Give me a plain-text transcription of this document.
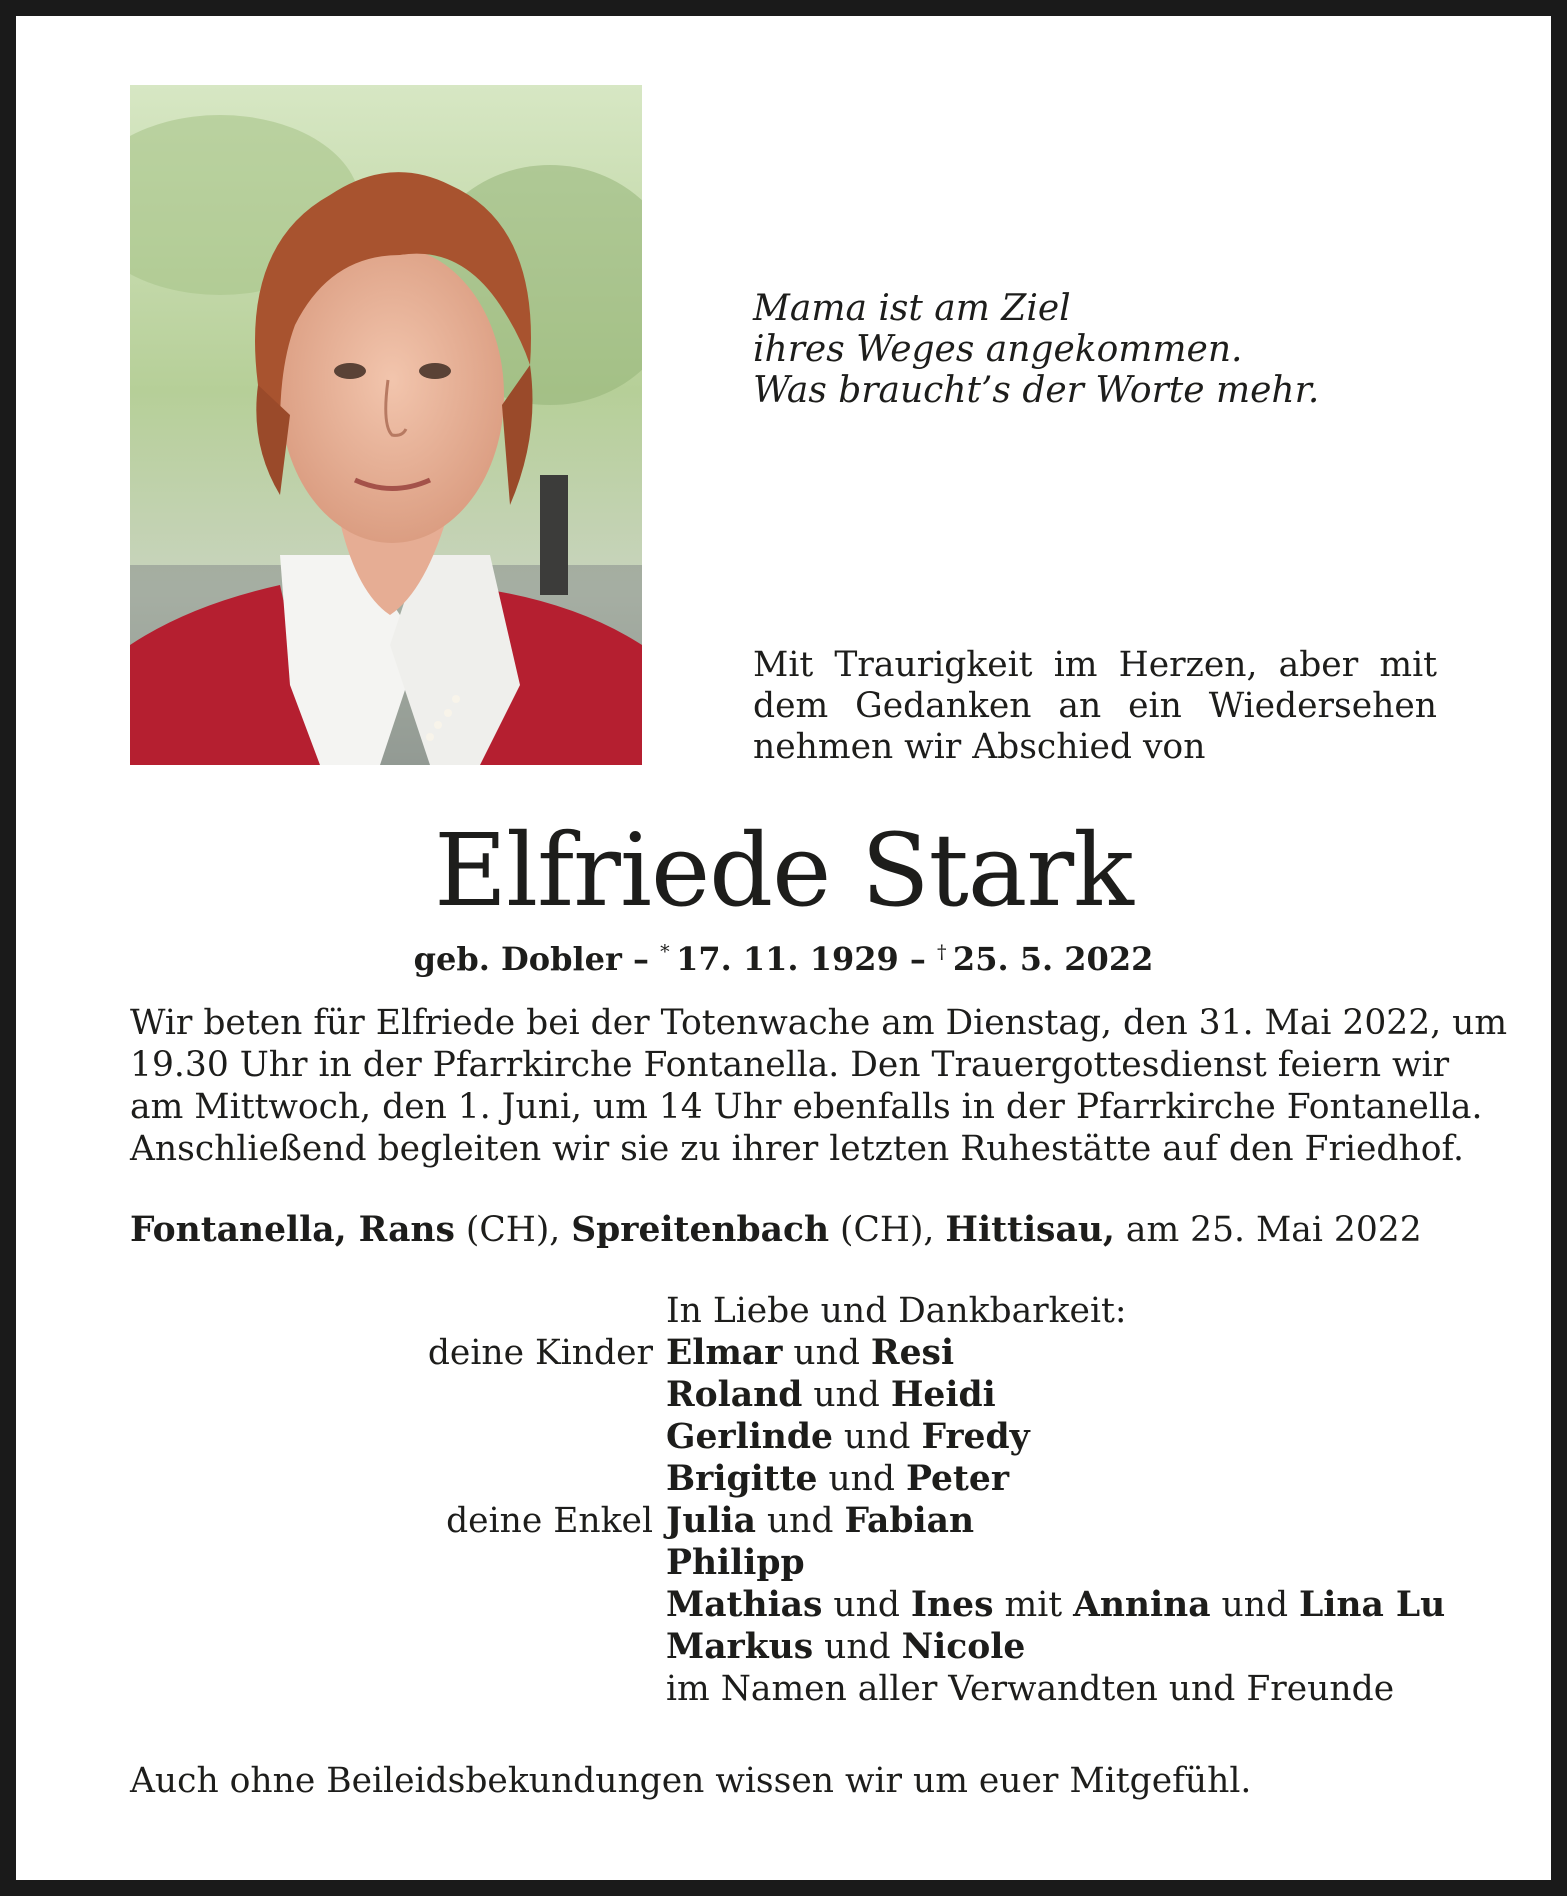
Mama ist am Ziel
ihres Weges angekommen.
Was braucht’s der Worte mehr.
Mit Traurigkeit im Herzen, aber mit
dem Gedanken an ein Wiedersehen
nehmen wir Abschied von
Elfriede Stark
geb. Dobler – *  17. 11. 1929 – †  25. 5. 2022
Wir beten für Elfriede bei der Totenwache am Dienstag, den 31. Mai 2022, um
19.30 Uhr in der Pfarrkirche Fontanella. Den Trauergottesdienst feiern wir
am Mittwoch, den 1. Juni, um 14 Uhr ebenfalls in der Pfarrkirche Fontanella.
Anschließend begleiten wir sie zu ihrer letzten Ruhestätte auf den Friedhof.
Fontanella, Rans (CH), Spreitenbach (CH), Hittisau, am 25. Mai 2022
In Liebe und Dankbarkeit:
deine Kinder Elmar und Resi
Roland und Heidi
Gerlinde und Fredy
Brigitte und Peter
deine Enkel Julia und Fabian
Philipp
Mathias und Ines mit Annina und Lina Lu
Markus und Nicole
im Namen aller Verwandten und Freunde
Auch ohne Beileidsbekundungen wissen wir um euer Mitgefühl.
